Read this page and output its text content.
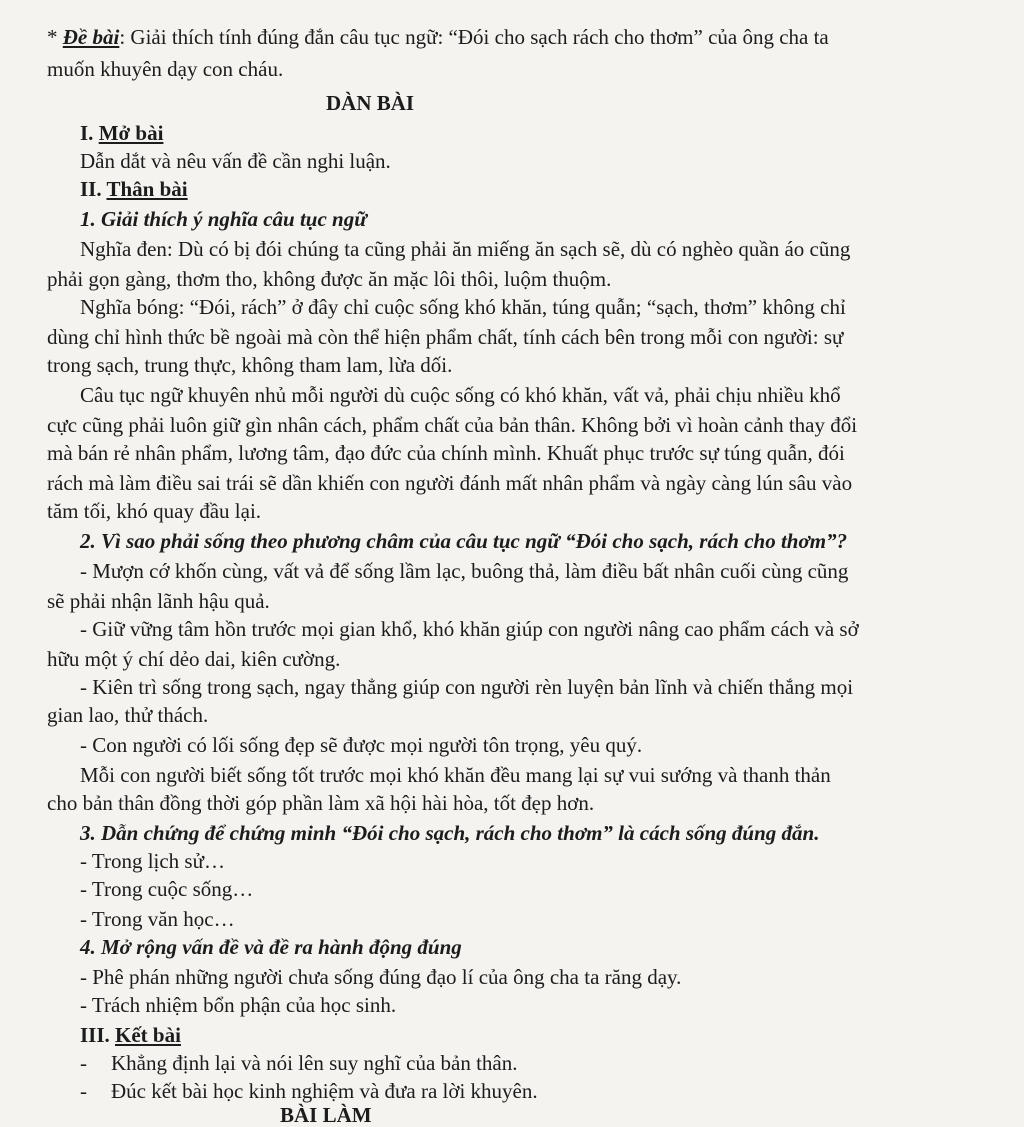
* Đề bài: Giải thích tính đúng đắn câu tục ngữ: “Đói cho sạch rách cho thơm” của ông cha ta
muốn khuyên dạy con cháu.
DÀN BÀI
I. Mở bài
Dẫn dắt và nêu vấn đề cần nghi luận.
II. Thân bài
1. Giải thích ý nghĩa câu tục ngữ
Nghĩa đen: Dù có bị đói chúng ta cũng phải ăn miếng ăn sạch sẽ, dù có nghèo quần áo cũng
phải gọn gàng, thơm tho, không được ăn mặc lôi thôi, luộm thuộm.
Nghĩa bóng: “Đói, rách” ở đây chỉ cuộc sống khó khăn, túng quẫn; “sạch, thơm” không chỉ
dùng chỉ hình thức bề ngoài mà còn thể hiện phẩm chất, tính cách bên trong mỗi con người: sự
trong sạch, trung thực, không tham lam, lừa dối.
Câu tục ngữ khuyên nhủ mỗi người dù cuộc sống có khó khăn, vất vả, phải chịu nhiều khổ
cực cũng phải luôn giữ gìn nhân cách, phẩm chất của bản thân. Không bởi vì hoàn cảnh thay đổi
mà bán rẻ nhân phẩm, lương tâm, đạo đức của chính mình. Khuất phục trước sự túng quẫn, đói
rách mà làm điều sai trái sẽ dần khiến con người đánh mất nhân phẩm và ngày càng lún sâu vào
tăm tối, khó quay đầu lại.
2. Vì sao phải sống theo phương châm của câu tục ngữ “Đói cho sạch, rách cho thơm”?
- Mượn cớ khốn cùng, vất vả để sống lầm lạc, buông thả, làm điều bất nhân cuối cùng cũng
sẽ phải nhận lãnh hậu quả.
- Giữ vững tâm hồn trước mọi gian khổ, khó khăn giúp con người nâng cao phẩm cách và sở
hữu một ý chí dẻo dai, kiên cường.
- Kiên trì sống trong sạch, ngay thẳng giúp con người rèn luyện bản lĩnh và chiến thắng mọi
gian lao, thử thách.
- Con người có lối sống đẹp sẽ được mọi người tôn trọng, yêu quý.
Mỗi con người biết sống tốt trước mọi khó khăn đều mang lại sự vui sướng và thanh thản
cho bản thân đồng thời góp phần làm xã hội hài hòa, tốt đẹp hơn.
3. Dẫn chứng để chứng minh “Đói cho sạch, rách cho thơm” là cách sống đúng đắn.
- Trong lịch sử…
- Trong cuộc sống…
- Trong văn học…
4. Mở rộng vấn đề và đề ra hành động đúng
- Phê phán những người chưa sống đúng đạo lí của ông cha ta răng dạy.
- Trách nhiệm bổn phận của học sinh.
III. Kết bài
- Khẳng định lại và nói lên suy nghĩ của bản thân.
- Đúc kết bài học kinh nghiệm và đưa ra lời khuyên.
BÀI LÀM
